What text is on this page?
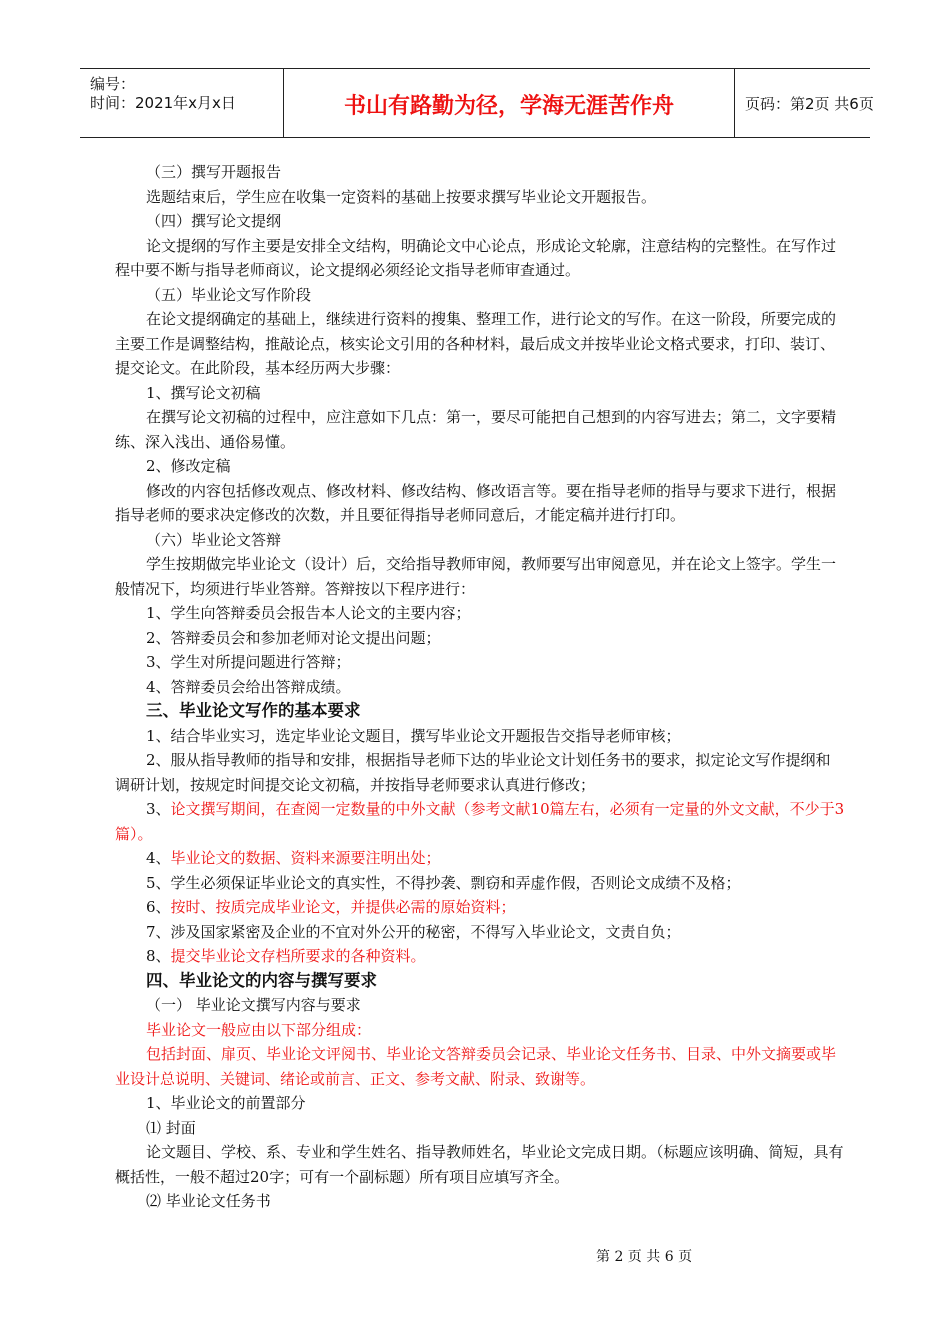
编号：
时间：2021年x月x日	书山有路勤为径，学海无涯苦作舟	页码：第2页 共6页

（三）撰写开题报告

选题结束后，学生应在收集一定资料的基础上按要求撰写毕业论文开题报告。

（四）撰写论文提纲

论文提纲的写作主要是安排全文结构，明确论文中心论点，形成论文轮廓，注意结构的完整性。在写作过程中要不断与指导老师商议，论文提纲必须经论文指导老师审查通过。

（五）毕业论文写作阶段

在论文提纲确定的基础上，继续进行资料的搜集、整理工作，进行论文的写作。在这一阶段，所要完成的主要工作是调整结构，推敲论点，核实论文引用的各种材料，最后成文并按毕业论文格式要求，打印、装订、提交论文。在此阶段，基本经历两大步骤：

1、撰写论文初稿

在撰写论文初稿的过程中，应注意如下几点：第一，要尽可能把自己想到的内容写进去；第二，文字要精练、深入浅出、通俗易懂。

2、修改定稿

修改的内容包括修改观点、修改材料、修改结构、修改语言等。要在指导老师的指导与要求下进行，根据指导老师的要求决定修改的次数，并且要征得指导老师同意后，才能定稿并进行打印。

（六）毕业论文答辩

学生按期做完毕业论文（设计）后，交给指导教师审阅，教师要写出审阅意见，并在论文上签字。学生一般情况下，均须进行毕业答辩。答辩按以下程序进行：

1、学生向答辩委员会报告本人论文的主要内容；

2、答辩委员会和参加老师对论文提出问题；

3、学生对所提问题进行答辩；

4、答辩委员会给出答辩成绩。

三、毕业论文写作的基本要求

1、结合毕业实习，选定毕业论文题目，撰写毕业论文开题报告交指导老师审核；

2、服从指导教师的指导和安排，根据指导老师下达的毕业论文计划任务书的要求，拟定论文写作提纲和调研计划，按规定时间提交论文初稿，并按指导老师要求认真进行修改；

3、论文撰写期间，在查阅一定数量的中外文献（参考文献10篇左右，必须有一定量的外文文献，不少于3篇）。

4、毕业论文的数据、资料来源要注明出处；

5、学生必须保证毕业论文的真实性，不得抄袭、剽窃和弄虚作假，否则论文成绩不及格；

6、按时、按质完成毕业论文，并提供必需的原始资料；

7、涉及国家紧密及企业的不宜对外公开的秘密，不得写入毕业论文，文责自负；

8、提交毕业论文存档所要求的各种资料。

四、毕业论文的内容与撰写要求

（一） 毕业论文撰写内容与要求

毕业论文一般应由以下部分组成：

包括封面、扉页、毕业论文评阅书、毕业论文答辩委员会记录、毕业论文任务书、目录、中外文摘要或毕业设计总说明、关键词、绪论或前言、正文、参考文献、附录、致谢等。

1、毕业论文的前置部分

⑴ 封面

论文题目、学校、系、专业和学生姓名、指导教师姓名，毕业论文完成日期。（标题应该明确、简短，具有概括性，一般不超过20字；可有一个副标题）所有项目应填写齐全。

⑵ 毕业论文任务书

第 2 页 共 6 页
